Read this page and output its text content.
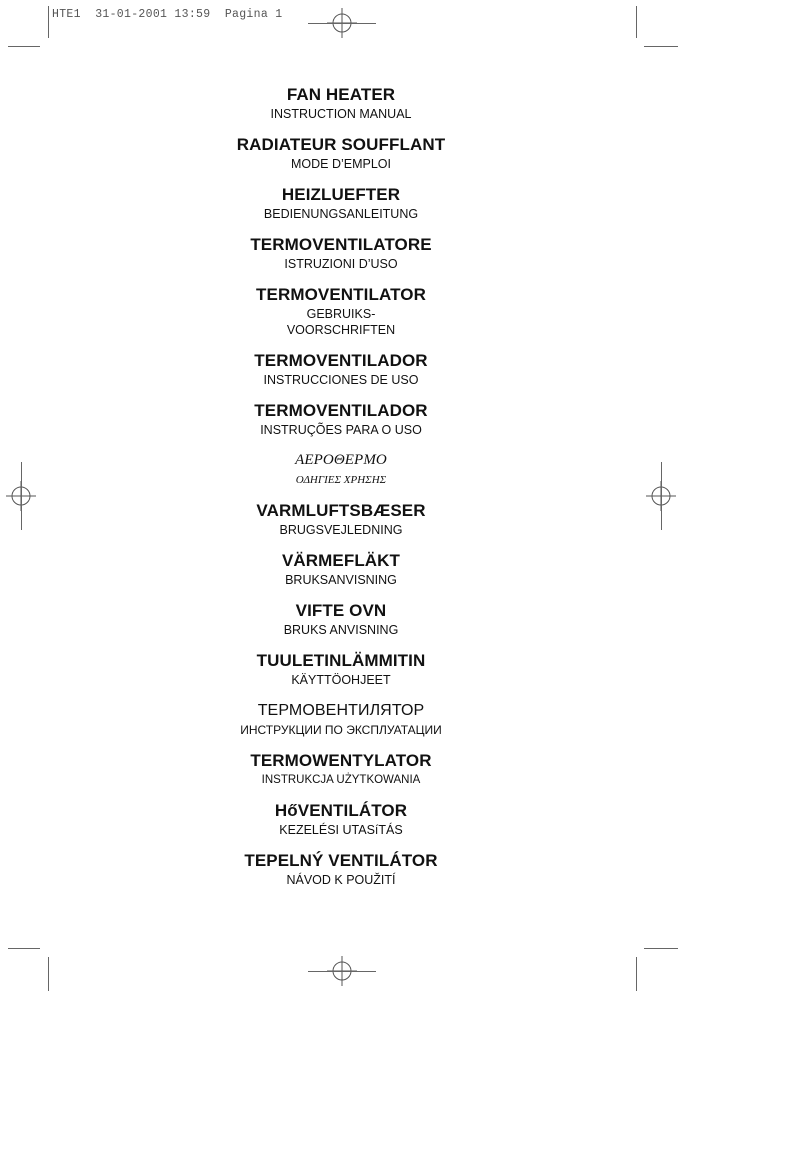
HTE1  31-01-2001 13:59  Pagina 1
FAN HEATER
INSTRUCTION MANUAL
RADIATEUR SOUFFLANT
MODE D’EMPLOI
HEIZLUEFTER
BEDIENUNGSANLEITUNG
TERMOVENTILATORE
ISTRUZIONI D’USO
TERMOVENTILATOR
GEBRUIKS-
VOORSCHRIFTEN
TERMOVENTILADOR
INSTRUCCIONES DE USO
TERMOVENTILADOR
INSTRUÇÕES PARA O USO
ΑΕΡΟΘΕΡΜΟ
ΟΔΗΓΙΕΣ ΧΡΗΣΗΣ
VARMLUFTSBÆSER
BRUGSVEJLEDNING
VÄRMEFLÄKT
BRUKSANVISNING
VIFTE OVN
BRUKS ANVISNING
TUULETINLÄMMITIN
KÄYTTÖOHJEET
ТЕРМОВЕНТИЛЯТОР
ИНСТРУКЦИИ ПО ЭКСПЛУАТАЦИИ
TERMOWENTYLATOR
INSTRUKCJA UŻYTKOWANIA
HőVENTILÁTOR
KEZELÉSI UTASíTÁS
TEPELNÝ VENTILÁTOR
NÁVOD K POUŽITÍ
